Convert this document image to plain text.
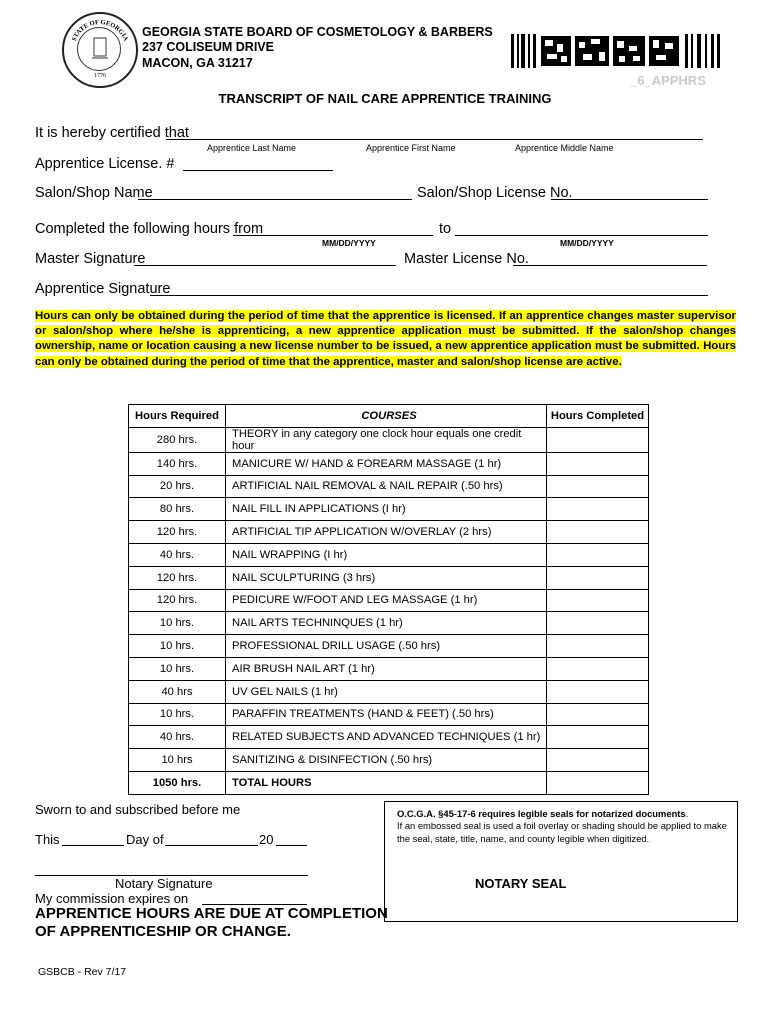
STATE OF GEORGIA
1776
GEORGIA STATE BOARD OF COSMETOLOGY & BARBERS
237 COLISEUM DRIVE
MACON, GA 31217
_6_APPHRS
TRANSCRIPT OF NAIL CARE APPRENTICE TRAINING
It is hereby certified that
Apprentice Last Name	Apprentice First Name	Apprentice Middle Name
Apprentice License. #
Salon/Shop Name	Salon/Shop License No.
Completed the following hours from	to
MM/DD/YYYY	MM/DD/YYYY
Master Signature	Master License No.
Apprentice Signature
Hours can only be obtained during the period of time that the apprentice is licensed. If an apprentice changes master supervisor or salon/shop where he/she is apprenticing, a new apprentice application must be submitted. If the salon/shop changes ownership, name or location causing a new license number to be issued, a new apprentice application must be submitted. Hours can only be obtained during the period of time that the apprentice, master and salon/shop license are active.
Hours Required	COURSES	Hours Completed
280 hrs.	THEORY in any category one clock hour equals one credit hour	
140 hrs.	MANICURE W/ HAND & FOREARM MASSAGE (1 hr)	
20 hrs.	ARTIFICIAL NAIL REMOVAL & NAIL REPAIR (.50 hrs)	
80 hrs.	NAIL FILL IN APPLICATIONS (I hr)	
120 hrs.	ARTIFICIAL TIP APPLICATION W/OVERLAY (2 hrs)	
40 hrs.	NAIL WRAPPING (I hr)	
120 hrs.	NAIL SCULPTURING (3 hrs)	
120 hrs.	PEDICURE W/FOOT AND LEG MASSAGE (1 hr)	
10 hrs.	NAIL ARTS TECHNINQUES (1 hr)	
10 hrs.	PROFESSIONAL DRILL USAGE (.50 hrs)	
10 hrs.	AIR BRUSH NAIL ART (1 hr)	
40 hrs	UV GEL NAILS (1 hr)	
10 hrs.	PARAFFIN TREATMENTS (HAND & FEET) (.50 hrs)	
40 hrs.	RELATED SUBJECTS AND ADVANCED TECHNIQUES (1 hr)	
10 hrs	SANITIZING & DISINFECTION (.50 hrs)	
1050 hrs.	TOTAL HOURS	
Sworn to and subscribed before me
This	Day of	20
Notary Signature
My commission expires on
APPRENTICE HOURS ARE DUE AT COMPLETION
OF APPRENTICESHIP OR CHANGE.
O.C.G.A. §45-17-6 requires legible seals for notarized documents.
If an embossed seal is used a foil overlay or shading should be applied to make the seal, state, title, name, and county legible when digitized.
NOTARY SEAL
GSBCB - Rev 7/17
